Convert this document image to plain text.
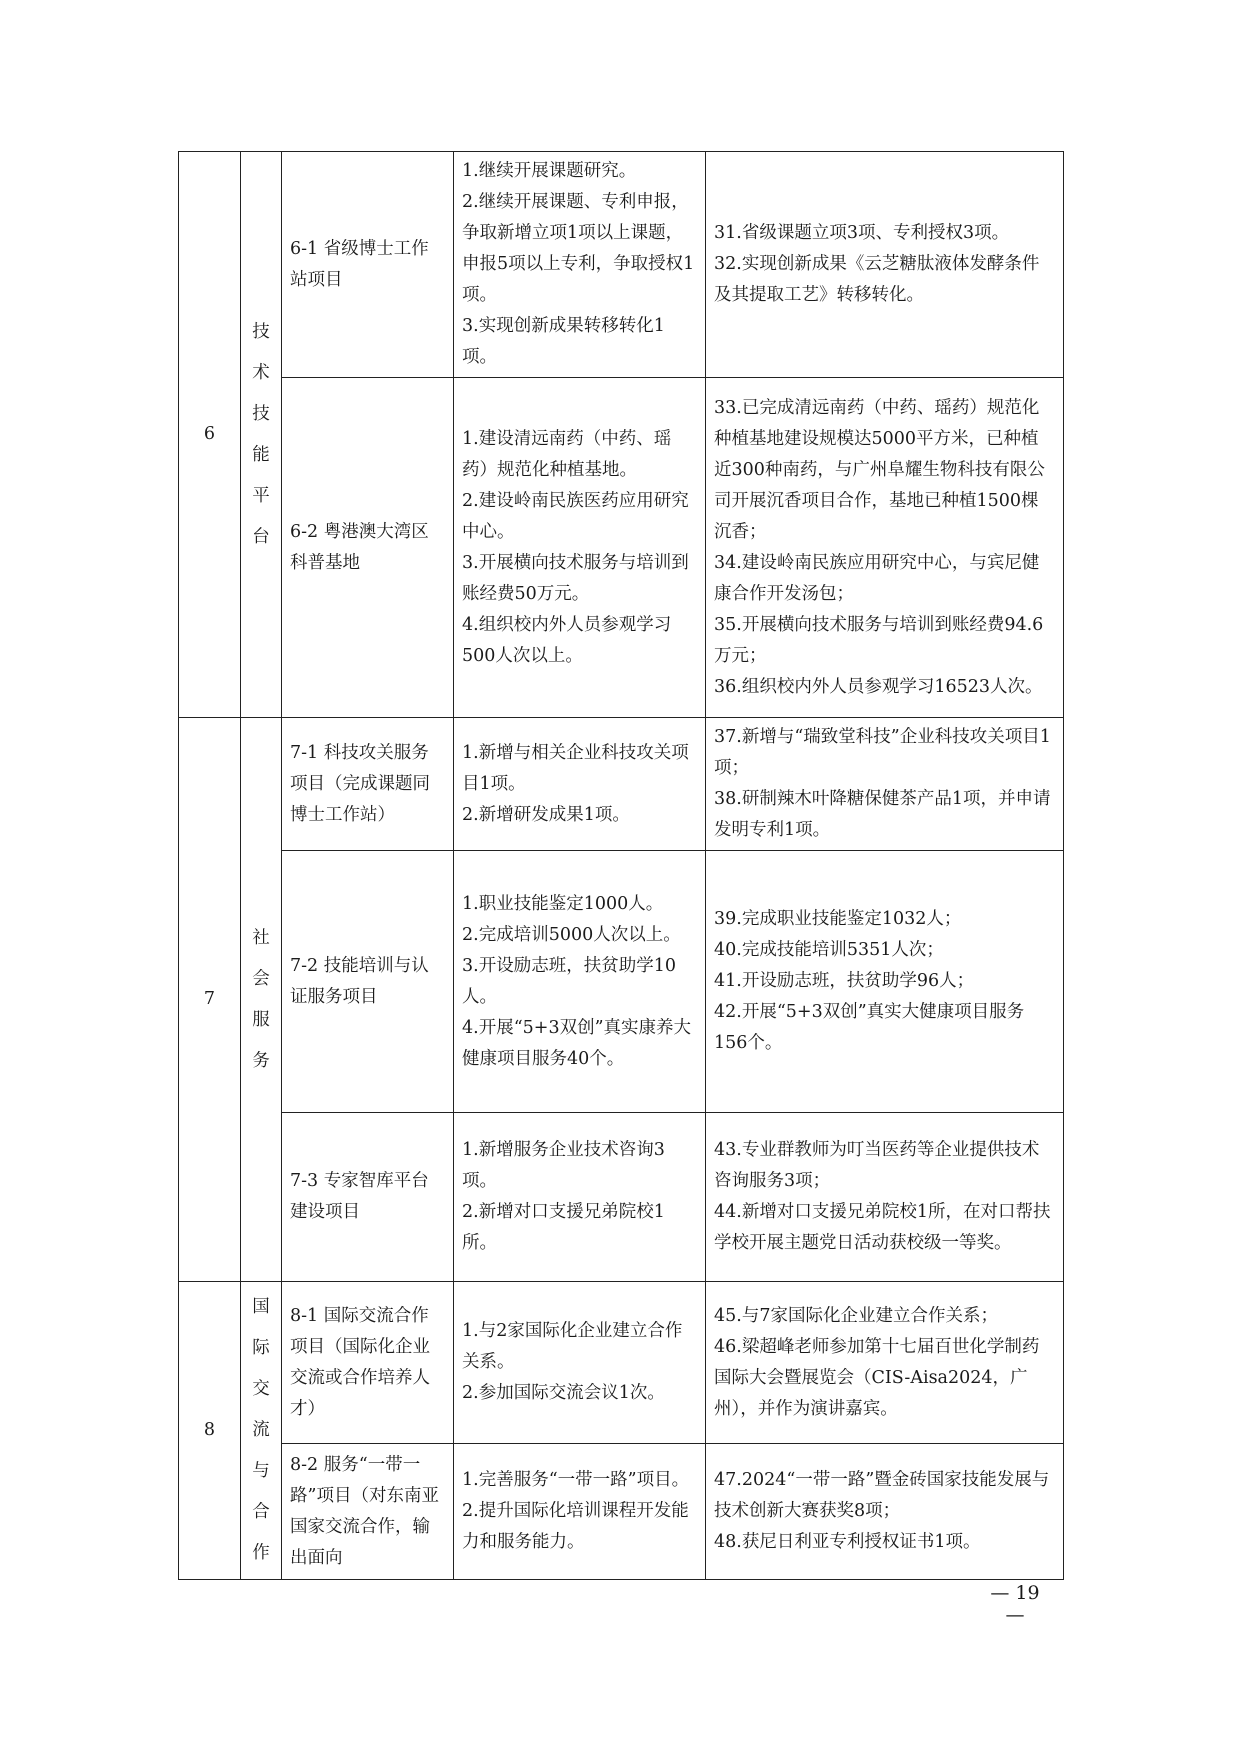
6	技术技能平台	6-1 省级博士工作站项目	1.继续开展课题研究。
2.继续开展课题、专利申报，争取新增立项1项以上课题，申报5项以上专利，争取授权1项。
3.实现创新成果转移转化1项。	31.省级课题立项3项、专利授权3项。
32.实现创新成果《云芝糖肽液体发酵条件及其提取工艺》转移转化。

		6-2 粤港澳大湾区科普基地	1.建设清远南药（中药、瑶药）规范化种植基地。
2.建设岭南民族医药应用研究中心。
3.开展横向技术服务与培训到账经费50万元。
4.组织校内外人员参观学习500人次以上。	33.已完成清远南药（中药、瑶药）规范化种植基地建设规模达5000平方米，已种植近300种南药，与广州阜耀生物科技有限公司开展沉香项目合作，基地已种植1500棵沉香；
34.建设岭南民族应用研究中心，与宾尼健康合作开发汤包；
35.开展横向技术服务与培训到账经费94.6万元；
36.组织校内外人员参观学习16523人次。

7	社会服务	7-1 科技攻关服务项目（完成课题同博士工作站）	1.新增与相关企业科技攻关项目1项。
2.新增研发成果1项。	37.新增与“瑞致堂科技”企业科技攻关项目1项；
38.研制辣木叶降糖保健茶产品1项，并申请发明专利1项。

		7-2 技能培训与认证服务项目	1.职业技能鉴定1000人。
2.完成培训5000人次以上。
3.开设励志班，扶贫助学10人。
4.开展“5+3双创”真实康养大健康项目服务40个。	39.完成职业技能鉴定1032人；
40.完成技能培训5351人次；
41.开设励志班，扶贫助学96人；
42.开展“5+3双创”真实大健康项目服务156个。

		7-3 专家智库平台建设项目	1.新增服务企业技术咨询3项。
2.新增对口支援兄弟院校1所。	43.专业群教师为叮当医药等企业提供技术咨询服务3项；
44.新增对口支援兄弟院校1所，在对口帮扶学校开展主题党日活动获校级一等奖。

8	国际交流与合作	8-1 国际交流合作项目（国际化企业交流或合作培养人才）	1.与2家国际化企业建立合作关系。
2.参加国际交流会议1次。	45.与7家国际化企业建立合作关系；
46.梁超峰老师参加第十七届百世化学制药国际大会暨展览会（CIS-Aisa2024，广州），并作为演讲嘉宾。

		8-2 服务“一带一路”项目（对东南亚国家交流合作，输出面向	1.完善服务“一带一路”项目。
2.提升国际化培训课程开发能力和服务能力。	47.2024“一带一路”暨金砖国家技能发展与技术创新大赛获奖8项；
48.获尼日利亚专利授权证书1项。
— 19 —
